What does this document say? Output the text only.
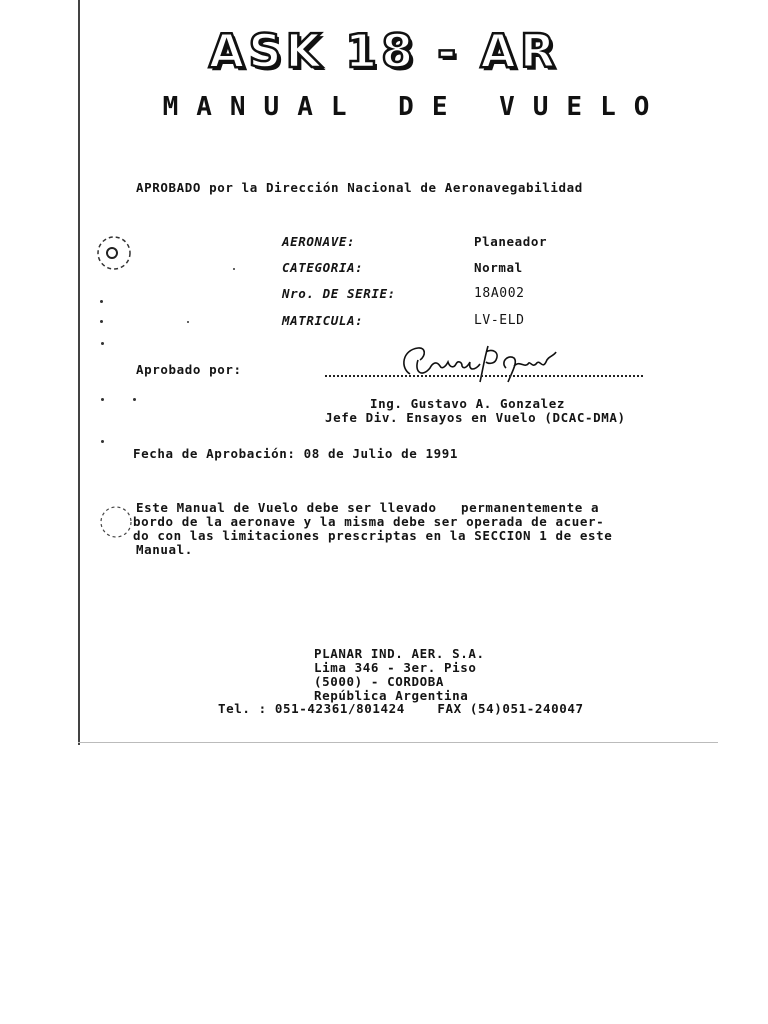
ASK 18 - AR
MANUAL DE VUELO
APROBADO por la Dirección Nacional de Aeronavegabilidad
AERONAVE:	Planeador
CATEGORIA:	Normal
Nro. DE SERIE:	18A002
MATRICULA:	LV-ELD
Aprobado por:
Ing. Gustavo A. Gonzalez
Jefe Div. Ensayos en Vuelo (DCAC-DMA)
Fecha de Aprobación: 08 de Julio de 1991
Este Manual de Vuelo debe ser llevado   permanentemente a
bordo de la aeronave y la misma debe ser operada de acuer-
do con las limitaciones prescriptas en la SECCION 1 de este
Manual.
PLANAR IND. AER. S.A.
Lima 346 - 3er. Piso
(5000) - CORDOBA
República Argentina
Tel. : 051-42361/801424    FAX (54)051-240047
